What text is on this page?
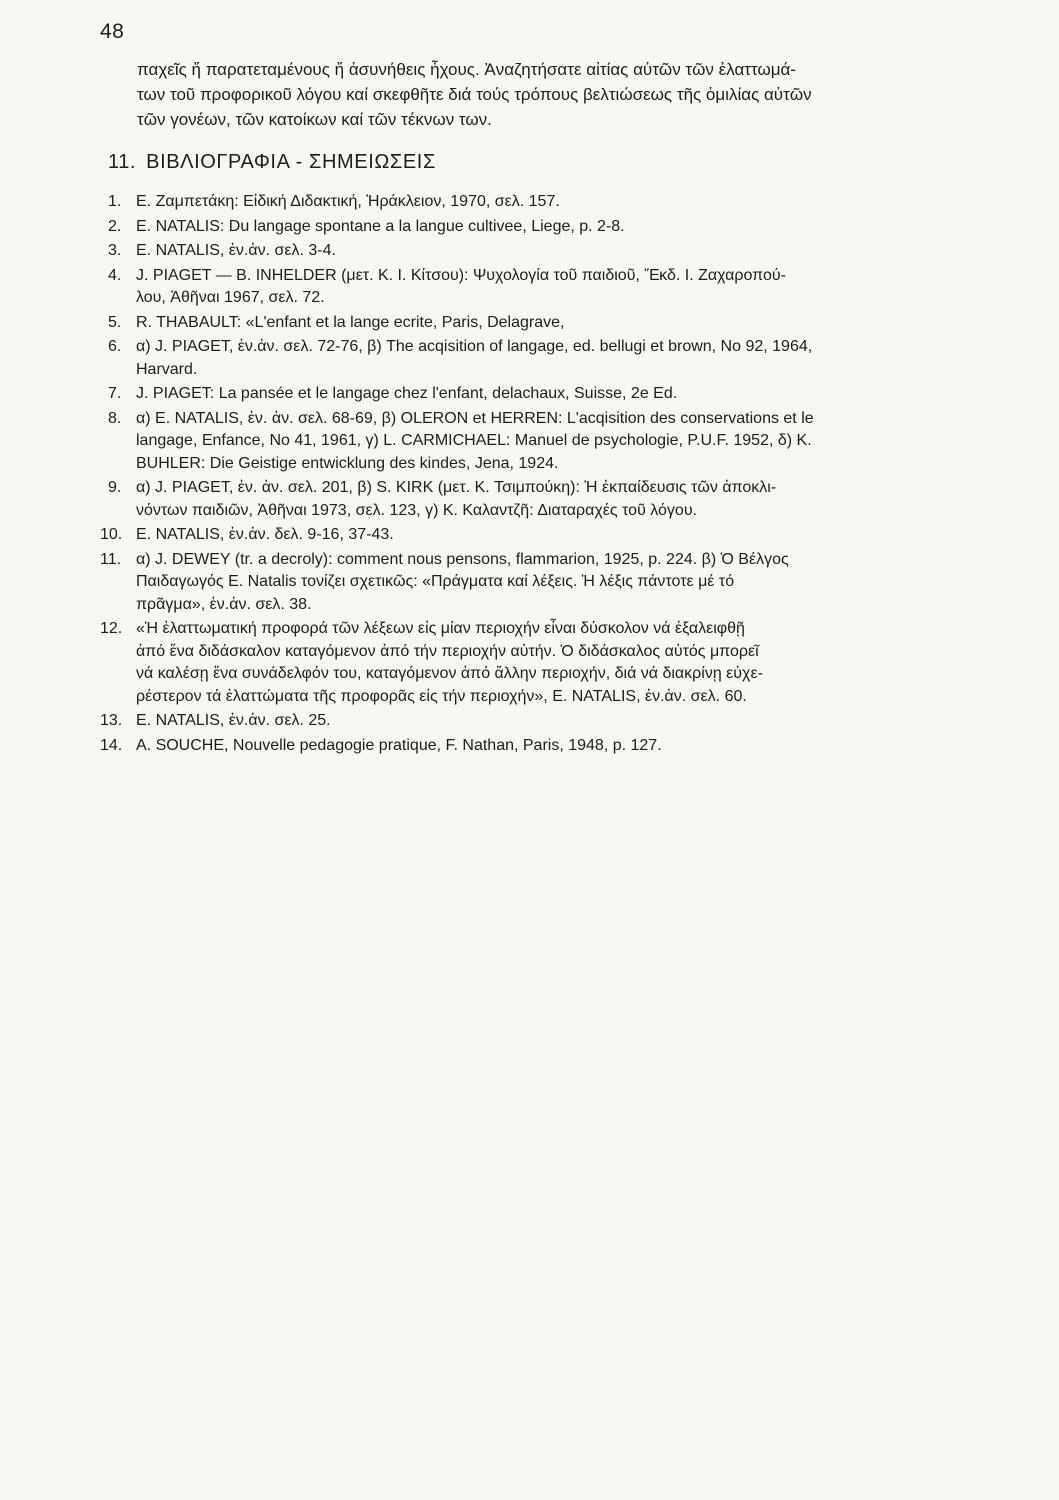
48

παχεῖς ἤ παρατεταμένους ἤ ἀσυνήθεις ἦχους. Ἀναζητήσατε αἰτίας αὐτῶν τῶν ἐλαττωμά-
των τοῦ προφορικοῦ λόγου καί σκεφθῆτε διά τούς τρόπους βελτιώσεως τῆς ὁμιλίας αὐτῶν
τῶν γονέων, τῶν κατοίκων καί τῶν τέκνων των.

11. ΒΙΒΛΙΟΓΡΑΦΙΑ - ΣΗΜΕΙΩΣΕΙΣ
1. E. Ζαμπετάκη: Εἰδική Διδακτική, Ἡράκλειον, 1970, σελ. 157.
2. E. NATALIS: Du langage spontane a la langue cultivee, Liege, p. 2-8.
3. E. NATALIS, ἐν.ἀν. σελ. 3-4.
4. J. PIAGET — B. INHELDER (μετ. K. I. Κίτσου): Ψυχολογία τοῦ παιδιοῦ, Ἔκδ. I. Ζαχαροπού-
λου, Ἀθῆναι 1967, σελ. 72.
5. R. THABAULT: «L'enfant et la lange ecrite, Paris, Delagrave,
6. α) J. PIAGET, ἐν.ἀν. σελ. 72-76, β) The acqisition of langage, ed. bellugi et brown, No 92, 1964,
Harvard.
7. J. PIAGET: La pansée et le langage chez l'enfant, delachaux, Suisse, 2e Ed.
8. α) E. NATALIS, ἐν. ἀν. σελ. 68-69, β) OLERON et HERREN: L'acqisition des conservations et le
langage, Enfance, No 41, 1961, γ) L. CARMICHAEL: Manuel de psychologie, P.U.F. 1952, δ) K.
BUHLER: Die Geistige entwicklung des kindes, Jena, 1924.
9. α) J. PIAGET, ἐν. ἀν. σελ. 201, β) S. KIRK (μετ. K. Τσιμπούκη): Ἡ ἐκπαίδευσις τῶν ἀποκλι-
νόντων παιδιῶν, Ἀθῆναι 1973, σελ. 123, γ) K. Καλαντζῆ: Διαταραχές τοῦ λόγου.
10. E. NATALIS, ἐν.ἀν. δελ. 9-16, 37-43.
11. α) J. DEWEY (tr. a decroly): comment nous pensons, flammarion, 1925, p. 224. β) Ὁ Βέλγος
Παιδαγωγός E. Natalis τονίζει σχετικῶς: «Πράγματα καί λέξεις. Ἡ λέξις πάντοτε μέ τό
πρᾶγμα», ἐν.ἀν. σελ. 38.
12. «Ἡ ἐλαττωματική προφορά τῶν λέξεων εἰς μίαν περιοχήν εἶναι δύσκολον νά ἐξαλειφθῇ
ἀπό ἕνα διδάσκαλον καταγόμενον ἀπό τήν περιοχήν αὐτήν. Ὁ διδάσκαλος αὐτός μπορεῖ
νά καλέσῃ ἕνα συνάδελφόν του, καταγόμενον ἀπό ἄλλην περιοχήν, διά νά διακρίνῃ εὐχε-
ρέστερον τά ἐλαττώματα τῆς προφορᾶς εἰς τήν περιοχήν», E. NATALIS, ἐν.ἀν. σελ. 60.
13. E. NATALIS, ἐν.ἀν. σελ. 25.
14. A. SOUCHE, Nouvelle pedagogie pratique, F. Nathan, Paris, 1948, p. 127.
